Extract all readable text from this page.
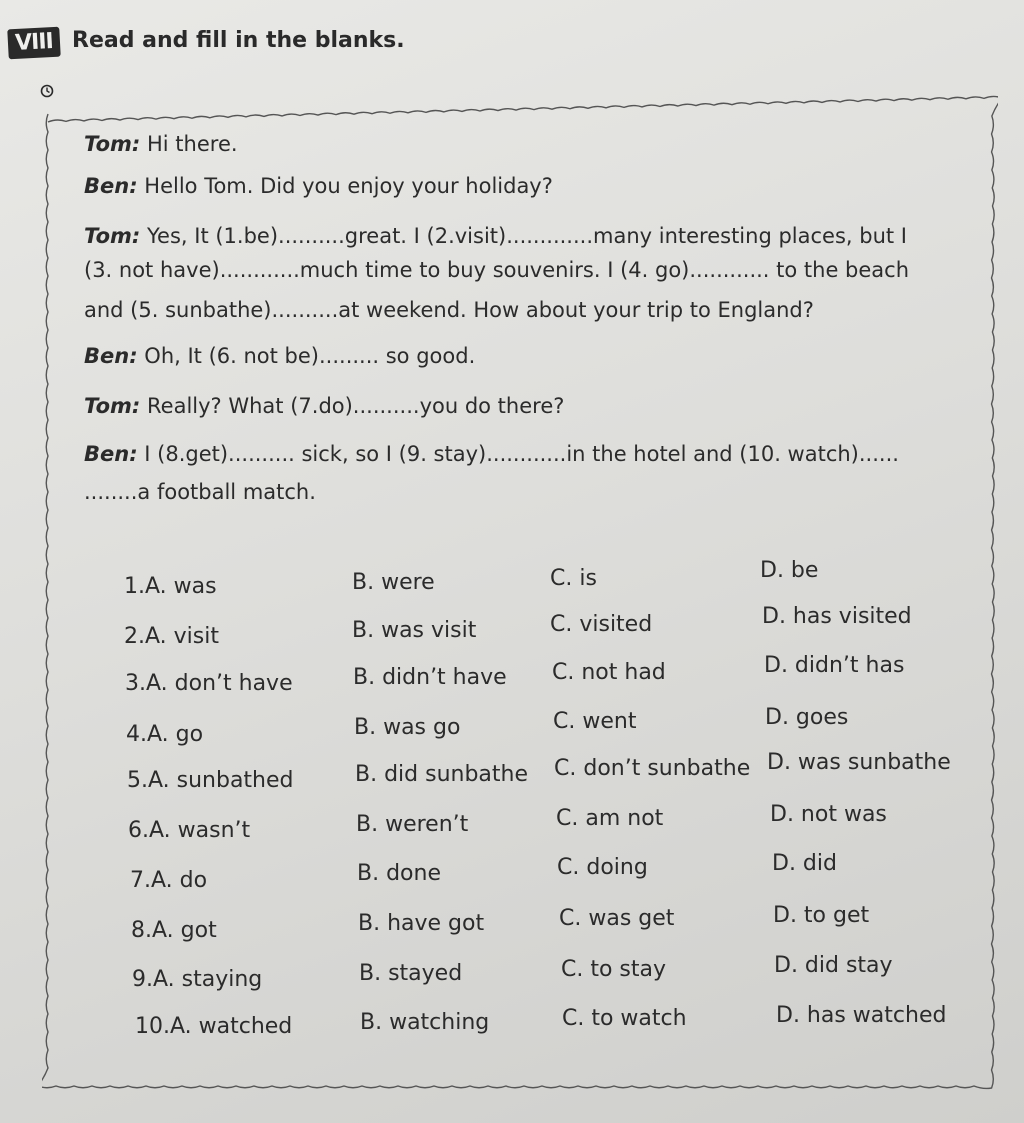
VIII Read and fill in the blanks.
Tom: Hi there.
Ben: Hello Tom. Did you enjoy your holiday?
Tom: Yes, It (1.be)..........great. I (2.visit).............many interesting places, but I
(3. not have)............much time to buy souvenirs. I (4. go)............ to the beach
and (5. sunbathe)..........at weekend. How about your trip to England?
Ben: Oh, It (6. not be)......... so good.
Tom: Really? What (7.do)..........you do there?
Ben: I (8.get).......... sick, so I (9. stay)............in the hotel and (10. watch)......
........a football match.
1.A. was	B. were	C. is	D. be
2.A. visit	B. was visit	C. visited	D. has visited
3.A. don’t have	B. didn’t have C. not had	D. didn’t has
4.A. go	B. was go	C. went	D. goes
5.A. sunbathed	B. did sunbathe C. don’t sunbathe D. was sunbathe
6.A. wasn’t	B. weren’t	C. am not	D. not was
7.A. do	B. done	C. doing	D. did
8.A. got	B. have got	C. was get	D. to get
9.A. staying	B. stayed	C. to stay	D. did stay
10.A. watched	B. watching	C. to watch	D. has watched
